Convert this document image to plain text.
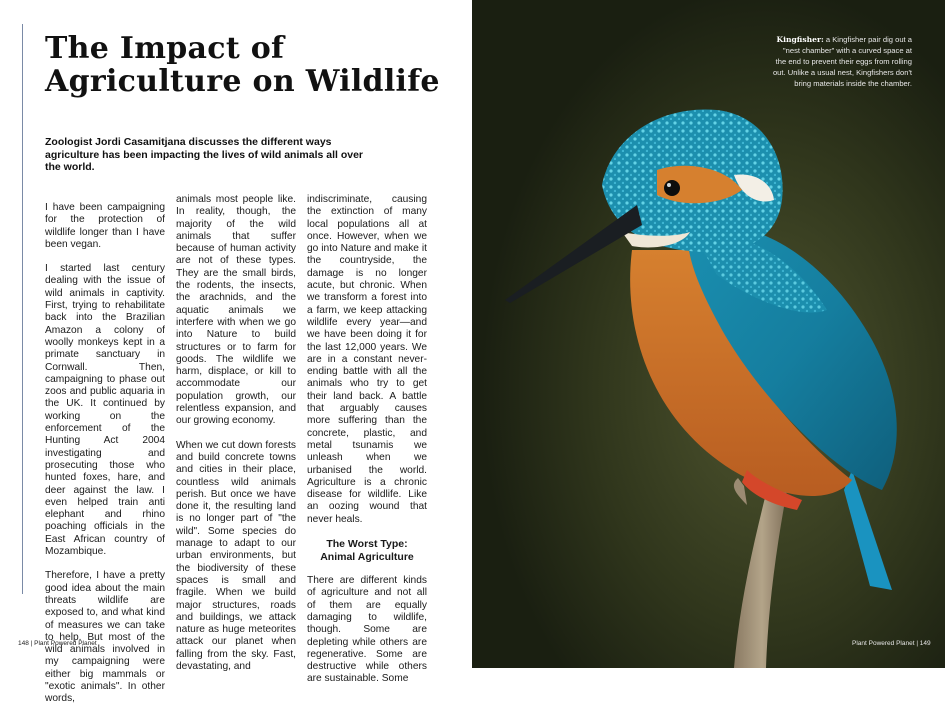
The Impact of
Agriculture on Wildlife

Zoologist Jordi Casamitjana discusses the different ways agriculture has been impacting the lives of wild animals all over the world.

I have been campaigning for the protection of wildlife longer than I have been vegan.

I started last century dealing with the issue of wild animals in captivity. First, trying to rehabilitate back into the Brazilian Amazon a colony of woolly monkeys kept in a primate sanctuary in Cornwall. Then, campaigning to phase out zoos and public aquaria in the UK. It continued by working on the enforcement of the Hunting Act 2004 investigating and prosecuting those who hunted foxes, hare, and deer against the law. I even helped train anti elephant and rhino poaching officials in the East African country of Mozambique.

Therefore, I have a pretty good idea about the main threats wildlife are exposed to, and what kind of measures we can take to help. But most of the wild animals involved in my campaigning were either big mammals or "exotic animals". In other words,

animals most people like. In reality, though, the majority of the wild animals that suffer because of human activity are not of these types. They are the small birds, the rodents, the insects, the arachnids, and the aquatic animals we interfere with when we go into Nature to build structures or to farm for goods. The wildlife we harm, displace, or kill to accommodate our population growth, our relentless expansion, and our growing economy.

When we cut down forests and build concrete towns and cities in their place, countless wild animals perish. But once we have done it, the resulting land is no longer part of "the wild". Some species do manage to adapt to our urban environments, but the biodiversity of these spaces is small and fragile. When we build major structures, roads and buildings, we attack nature as huge meteorites attack our planet when falling from the sky. Fast, devastating, and

indiscriminate, causing the extinction of many local populations all at once. However, when we go into Nature and make it the countryside, the damage is no longer acute, but chronic. When we transform a forest into a farm, we keep attacking wildlife every year—and we have been doing it for the last 12,000 years. We are in a constant never-ending battle with all the animals who try to get their land back. A battle that arguably causes more suffering than the concrete, plastic, and metal tsunamis we unleash when we urbanised the world. Agriculture is a chronic disease for wildlife. Like an oozing wound that never heals.

The Worst Type:
Animal Agriculture

There are different kinds of agriculture and not all of them are equally damaging to wildlife, though. Some are depleting while others are regenerative. Some are destructive while others are sustainable. Some

148 | Plant Powered Planet

Kingfisher: a Kingfisher pair dig out a "nest chamber" with a curved space at the end to prevent their eggs from rolling out. Unlike a usual nest, Kingfishers don't bring materials inside the chamber.

Plant Powered Planet | 149
